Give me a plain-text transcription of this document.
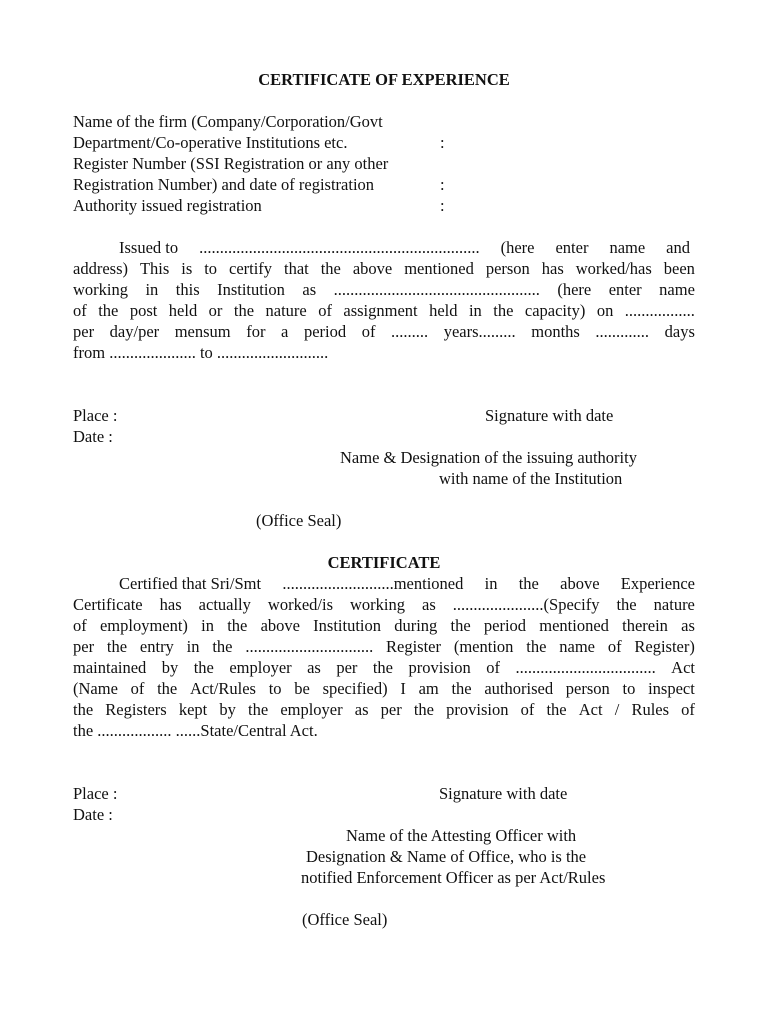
CERTIFICATE OF EXPERIENCE
Name of the firm (Company/Corporation/Govt
Department/Co-operative Institutions etc.	:
Register Number (SSI Registration or any other
Registration Number) and date of registration	:
Authority issued registration	:
Issued to .................................................................... (here enter name and
address) This is to certify that the above mentioned person has worked/has been
working in this Institution as .................................................. (here enter name
of the post held or the nature of assignment held in the capacity) on .................
per day/per mensum for a period of ......... years......... months ............. days
from ..................... to ...........................
Place :	Signature with date
Date :
Name & Designation of the issuing authority
with name of the Institution
(Office Seal)
CERTIFICATE
Certified that Sri/Smt ...........................mentioned in the above Experience
Certificate has actually worked/is working as ......................(Specify the nature
of employment) in the above Institution during the period mentioned therein as
per the entry in the ............................... Register (mention the name of Register)
maintained by the employer as per the provision of .................................. Act
(Name of the Act/Rules to be specified) I am the authorised person to inspect
the Registers kept by the employer as per the provision of the Act / Rules of
the .................. ......State/Central Act.
Place :	Signature with date
Date :
Name of the Attesting Officer with
Designation & Name of Office, who is the
notified Enforcement Officer as per Act/Rules
(Office Seal)
